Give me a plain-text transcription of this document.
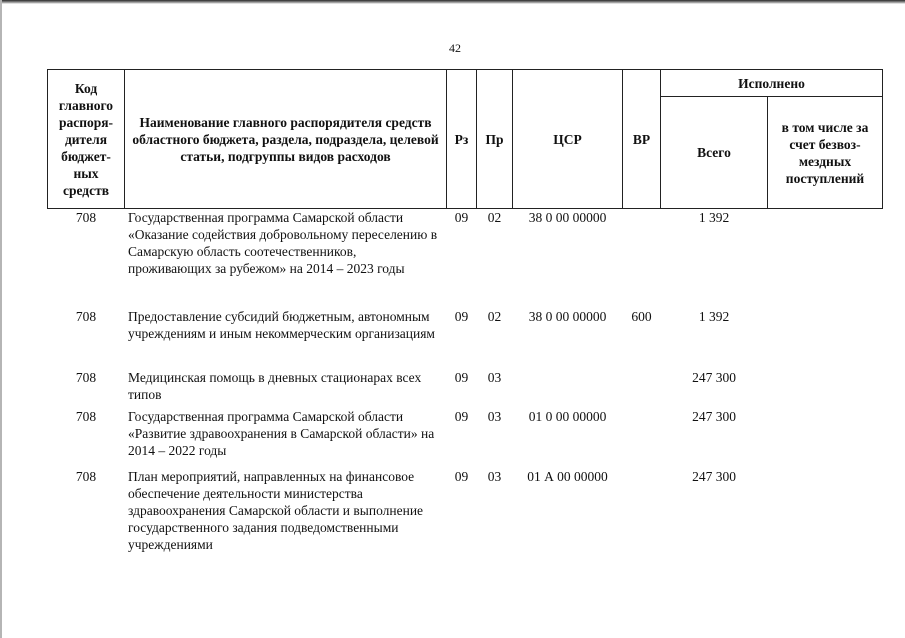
42
Код главного распоря-дителя бюджет-ных средств	Наименование главного распорядителя средств областного бюджета, раздела, подраздела, целевой статьи, подгруппы видов расходов	Рз	Пр	ЦСР	ВР	Исполнено	
						Всего	в том числе за счет безвоз-мездных поступлений
708	Государственная программа Самарской области «Оказание содействия добровольному переселению в Самарскую область соотечественников, проживающих за рубежом» на 2014 – 2023 годы	09	02	38 0 00 00000		1 392	
708	Предоставление субсидий бюджетным, автономным учреждениям и иным некоммерческим организациям	09	02	38 0 00 00000	600	1 392	
708	Медицинская помощь в дневных стационарах всех типов	09	03			247 300	
708	Государственная программа Самарской области «Развитие здравоохранения в Самарской области» на 2014 – 2022 годы	09	03	01 0 00 00000		247 300	
708	План мероприятий, направленных на финансовое обеспечение деятельности министерства здравоохранения Самарской области и выполнение государственного задания подведомственными учреждениями	09	03	01 А 00 00000		247 300	
